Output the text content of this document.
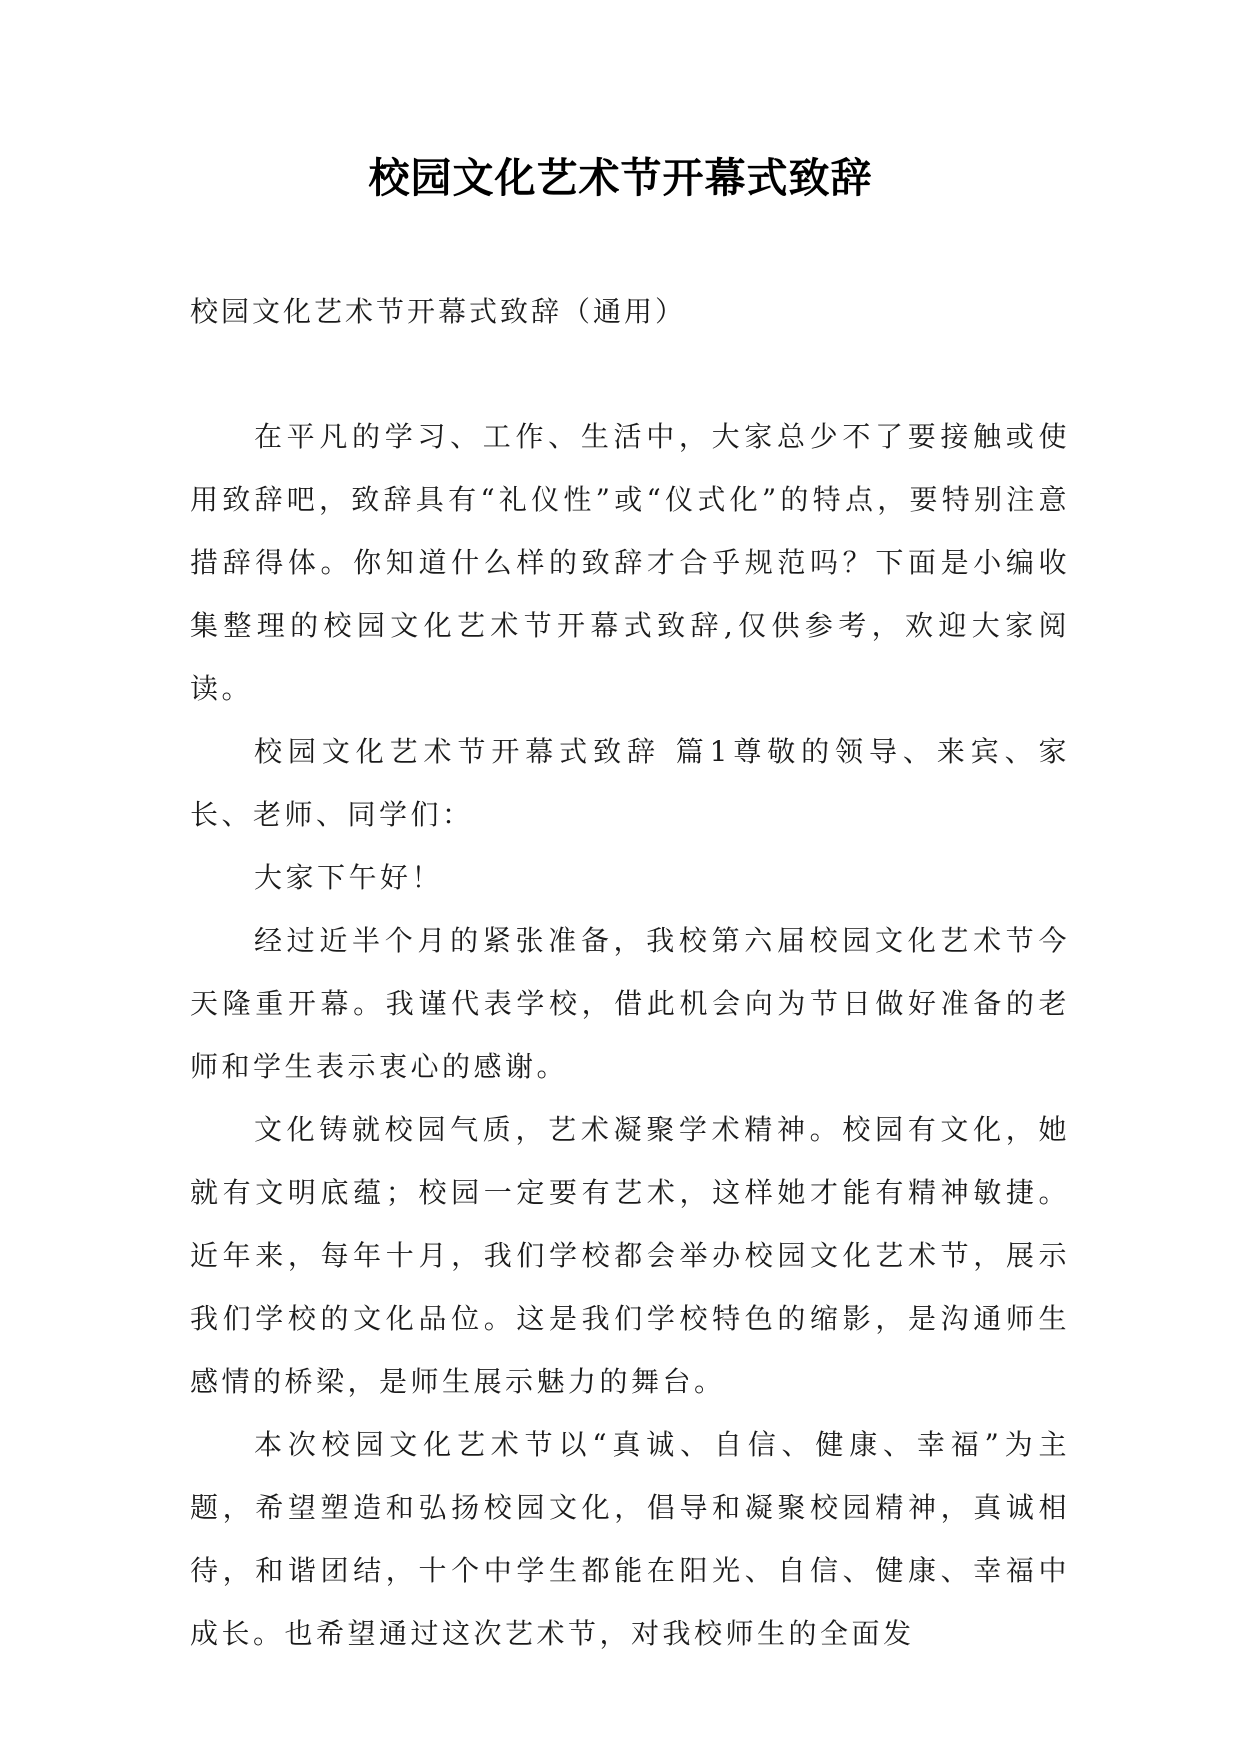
校园文化艺术节开幕式致辞
校园文化艺术节开幕式致辞（通用）

在平凡的学习、工作、生活中，大家总少不了要接触或使用致辞吧，致辞具有“礼仪性”或“仪式化”的特点，要特别注意措辞得体。你知道什么样的致辞才合乎规范吗？下面是小编收集整理的校园文化艺术节开幕式致辞,仅供参考，欢迎大家阅读。

校园文化艺术节开幕式致辞 篇1尊敬的领导、来宾、家长、老师、同学们：

大家下午好！

经过近半个月的紧张准备，我校第六届校园文化艺术节今天隆重开幕。我谨代表学校，借此机会向为节日做好准备的老师和学生表示衷心的感谢。

文化铸就校园气质，艺术凝聚学术精神。校园有文化，她就有文明底蕴；校园一定要有艺术，这样她才能有精神敏捷。近年来，每年十月，我们学校都会举办校园文化艺术节，展示我们学校的文化品位。这是我们学校特色的缩影，是沟通师生感情的桥梁，是师生展示魅力的舞台。

本次校园文化艺术节以“真诚、自信、健康、幸福”为主题，希望塑造和弘扬校园文化，倡导和凝聚校园精神，真诚相待，和谐团结，十个中学生都能在阳光、自信、健康、幸福中成长。也希望通过这次艺术节，对我校师生的全面发
